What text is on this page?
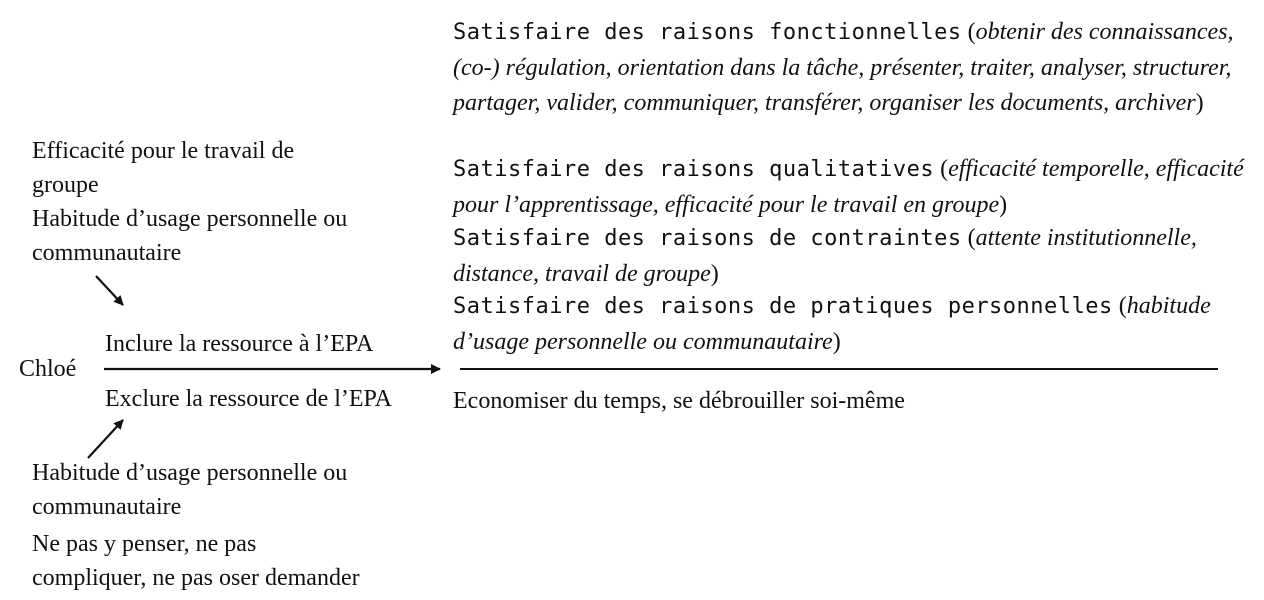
Efficacité pour le travail de
groupe
Habitude d’usage personnelle ou
communautaire
Chloé
Inclure la ressource à l’EPA
Exclure la ressource de l’EPA
Habitude d’usage personnelle ou
communautaire
Ne pas y penser, ne pas
compliquer, ne pas oser demander
Satisfaire des raisons fonctionnelles (obtenir des connaissances, (co-) régulation, orientation dans la tâche, présenter, traiter, analyser, structurer, partager, valider, communiquer, transférer, organiser les documents, archiver)
Satisfaire des raisons qualitatives (efficacité temporelle, efficacité pour l’apprentissage, efficacité pour le travail en groupe)
Satisfaire des raisons de contraintes (attente institutionnelle, distance, travail de groupe)
Satisfaire des raisons de pratiques personnelles (habitude d’usage personnelle ou communautaire)
Economiser du temps, se débrouiller soi-même
